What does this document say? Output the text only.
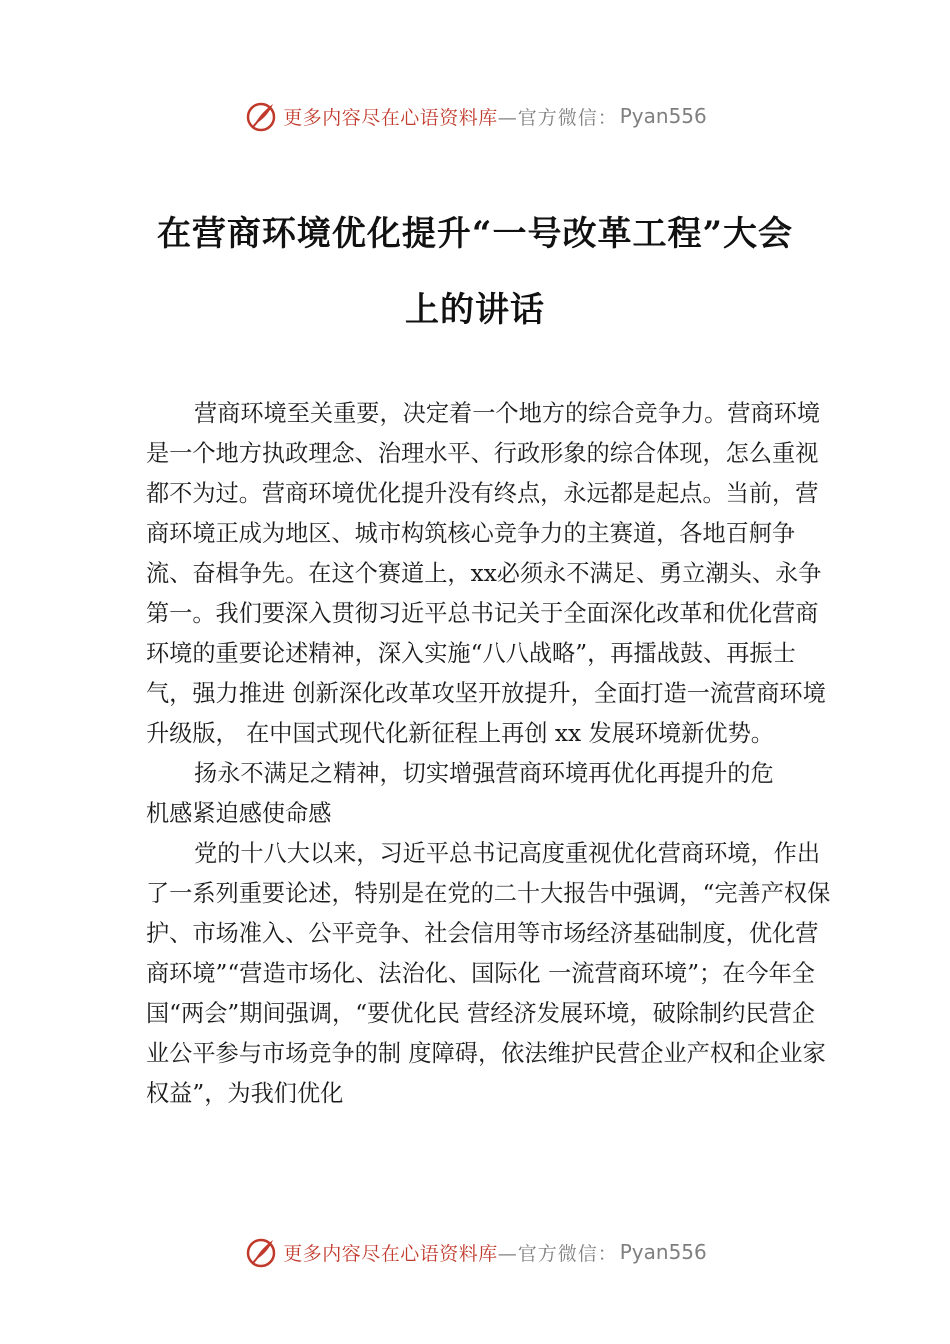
更多内容尽在心语资料库 —官方微信： Pyan556
在营商环境优化提升“一号改革工程”大会上的讲话

营商环境至关重要，决定着一个地方的综合竞争力。营商环境是一个地方执政理念、治理水平、行政形象的综合体现，怎么重视都不为过。营商环境优化提升没有终点，永远都是起点。当前，营商环境正成为地区、城市构筑核心竞争力的主赛道，各地百舸争流、奋楫争先。在这个赛道上，xx必须永不满足、勇立潮头、永争第一。我们要深入贯彻习近平总书记关于全面深化改革和优化营商环境的重要论述精神，深入实施“八八战略”，再擂战鼓、再振士气，强力推进 创新深化改革攻坚开放提升，全面打造一流营商环境升级版， 在中国式现代化新征程上再创 xx 发展环境新优势。

扬永不满足之精神，切实增强营商环境再优化再提升的危机感紧迫感使命感

党的十八大以来，习近平总书记高度重视优化营商环境，作出了一系列重要论述，特别是在党的二十大报告中强调，“完善产权保护、市场准入、公平竞争、社会信用等市场经济基础制度，优化营商环境”“营造市场化、法治化、国际化 一流营商环境”；在今年全国“两会”期间强调，“要优化民 营经济发展环境，破除制约民营企业公平参与市场竞争的制 度障碍，依法维护民营企业产权和企业家权益”，为我们优化

更多内容尽在心语资料库 —官方微信： Pyan556
